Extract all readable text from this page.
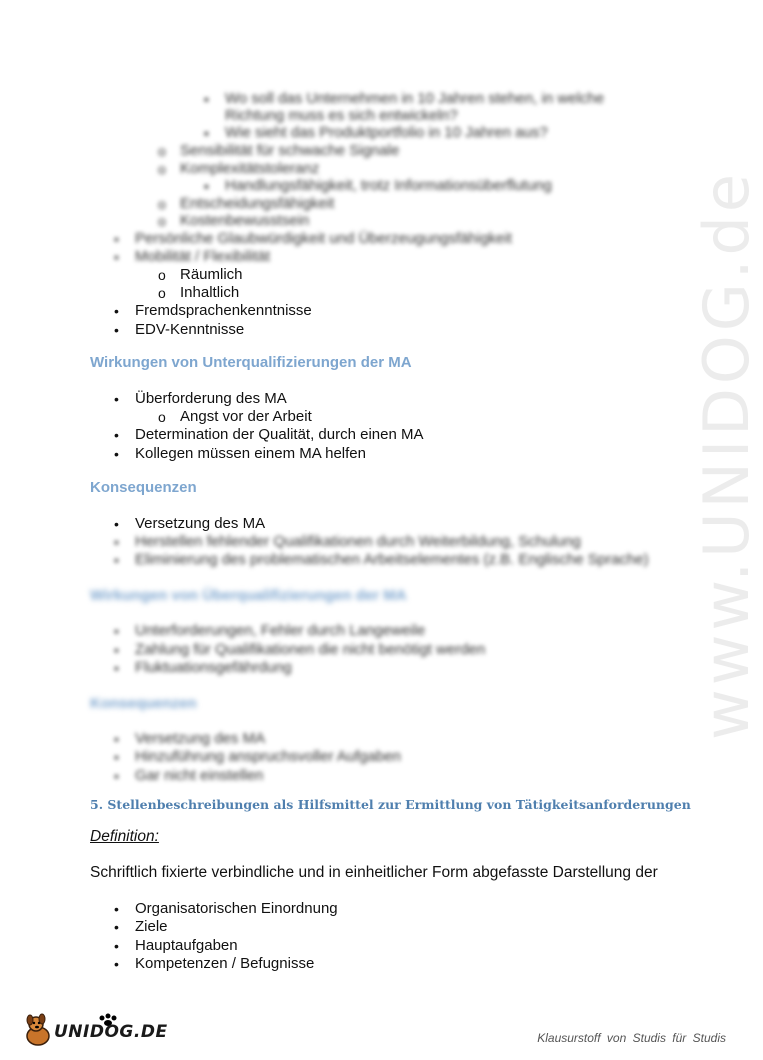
www.UNIDOG.de
▪ Wo soll das Unternehmen in 10 Jahren stehen, in welche
Richtung muss es sich entwickeln?
▪ Wie sieht das Produktportfolio in 10 Jahren aus?
o Sensibilität für schwache Signale
o Komplexitätstoleranz
▪ Handlungsfähigkeit, trotz Informationsüberflutung
o Entscheidungsfähigkeit
o Kostenbewusstsein
• Persönliche Glaubwürdigkeit und Überzeugungsfähigkeit
• Mobilität / Flexibilität
o Räumlich
o Inhaltlich
• Fremdsprachenkenntnisse
• EDV-Kenntnisse
Wirkungen von Unterqualifizierungen der MA
• Überforderung des MA
o Angst vor der Arbeit
• Determination der Qualität, durch einen MA
• Kollegen müssen einem MA helfen
Konsequenzen
• Versetzung des MA
• Herstellen fehlender Qualifikationen durch Weiterbildung, Schulung
• Eliminierung des problematischen Arbeitselementes (z.B. Englische Sprache)
Wirkungen von Überqualifizierungen der MA
• Unterforderungen, Fehler durch Langeweile
• Zahlung für Qualifikationen die nicht benötigt werden
• Fluktuationsgefährdung
Konsequenzen
• Versetzung des MA
• Hinzuführung anspruchsvoller Aufgaben
• Gar nicht einstellen
5. Stellenbeschreibungen als Hilfsmittel zur Ermittlung von Tätigkeitsanforderungen
Definition:
Schriftlich fixierte verbindliche und in einheitlicher Form abgefasste Darstellung der
• Organisatorischen Einordnung
• Ziele
• Hauptaufgaben
• Kompetenzen / Befugnisse
UNIDOG.DE	Klausurstoff von Studis für Studis
